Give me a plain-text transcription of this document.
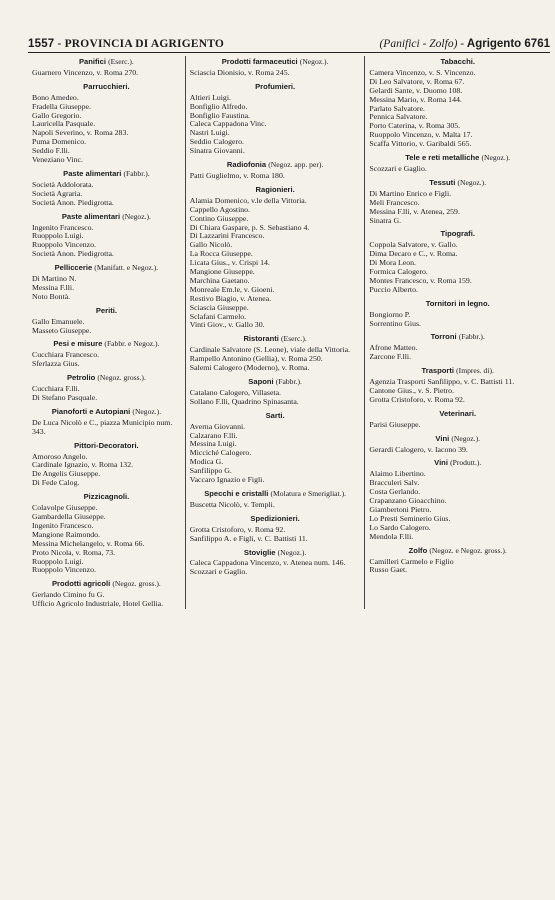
1557 - PROVINCIA DI AGRIGENTO	(Panifici - Zolfo) - Agrigento 6761
Panifici (Eserc.).
Guarnero Vincenzo, v. Roma 270.
Parrucchieri.
Bono Amedeo.
Fradella Giuseppe.
Gallo Gregorio.
Lauricella Pasquale.
Napoli Severino, v. Roma 283.
Puma Domenico.
Seddio F.lli.
Veneziano Vinc.
Paste alimentari (Fabbr.).
Società Addolorata.
Società Agraria.
Società Anon. Piedigrotta.
Paste alimentari (Negoz.).
Ingenito Francesco.
Ruoppolo Luigi.
Ruoppolo Vincenzo.
Società Anon. Piedigrotta.
Pelliccerie (Manifatt. e Negoz.).
Di Martino N.
Messina F.lli.
Noto Bontà.
Periti.
Gallo Emanuele.
Masseto Giuseppe.
Pesi e misure (Fabbr. e Negoz.).
Cucchiara Francesco.
Sferlazza Gius.
Petrolio (Negoz. gross.).
Cucchiara F.lli.
Di Stefano Pasquale.
Pianoforti e Autopiani (Negoz.).
De Luca Nicolò e C., piazza Municipio num. 343.
Pittori-Decoratori.
Amoroso Angelo.
Cardinale Ignazio, v. Roma 132.
De Angelis Giuseppe.
Di Fede Calog.
Pizzicagnoli.
Colavolpe Giuseppe.
Gambardella Giuseppe.
Ingenito Francesco.
Mangione Raimondo.
Messina Michelangelo, v. Roma 66.
Proto Nicola, v. Roma, 73.
Ruoppolo Luigi.
Ruoppolo Vincenzo.
Prodotti agricoli (Negoz. gross.).
Gerlando Cimino fu G.
Ufficio Agricolo Industriale, Hotel Gellia.
Prodotti farmaceutici (Negoz.).
Sciascia Dionisio, v. Roma 245.
Profumieri.
Altieri Luigi.
Bonfiglio Alfredo.
Bonfiglio Faustina.
Caleca Cappadona Vinc.
Nastri Luigi.
Seddio Calogero.
Sinatra Giovanni.
Radiofonia (Negoz. app. per).
Patti Guglielmo, v. Roma 180.
Ragionieri.
Alamia Domenico, v.le della Vittoria.
Cappello Agostino.
Contino Giuseppe.
Di Chiara Gaspare, p. S. Sebastiano 4.
Di Lazzarini Francesco.
Gallo Nicolò.
La Rocca Giuseppe.
Licata Gius., v. Crispi 14.
Mangione Giuseppe.
Marchina Gaetano.
Monreale Em.le, v. Gioeni.
Restivo Biagio, v. Atenea.
Sciascia Giuseppe.
Sclafani Carmelo.
Vinti Giov., v. Gallo 30.
Ristoranti (Eserc.).
Cardinale Salvatore (S. Leone), viale della Vittoria.
Rampello Antonino (Gellia), v. Roma 250.
Salemi Calogero (Moderno), v. Roma.
Saponi (Fabbr.).
Catalano Calogero, Villaseta.
Sollano F.lli, Quadrino Spinasanta.
Sarti.
Averna Giovanni.
Calzarano F.lli.
Messina Luigi.
Micciché Calogero.
Modica G.
Sanfilippo G.
Vaccaro Ignazio e Figli.
Specchi e cristalli (Molatura e Smerigliat.).
Buscetta Nicolò, v. Templi.
Spedizionieri.
Grotta Cristoforo, v. Roma 92.
Sanfilippo A. e Figli, v. C. Battisti 11.
Stoviglie (Negoz.).
Caleca Cappadona Vincenzo, v. Atenea num. 146.
Scozzari e Gaglio.
Tabacchi.
Camera Vincenzo, v. S. Vincenzo.
Di Leo Salvatore, v. Roma 67.
Gelardi Sante, v. Duomo 108.
Messina Mario, v. Roma 144.
Parlato Salvatore.
Pennica Salvatore.
Porto Caterina, v. Roma 305.
Ruoppolo Vincenzo, v. Malta 17.
Scaffa Vittorio, v. Garibaldi 565.
Tele e reti metalliche (Negoz.).
Scozzari e Gaglio.
Tessuti (Negoz.).
Di Martino Enrico e Figli.
Meli Francesco.
Messina F.lli, v. Atenea, 259.
Sinatra G.
Tipografi.
Coppola Salvatore, v. Gallo.
Dima Decaro e C., v. Roma.
Di Mora Leon.
Formica Calogero.
Montes Francesco, v. Roma 159.
Puccio Alberto.
Tornitori in legno.
Bongiorno P.
Sorrentino Gius.
Torroni (Fabbr.).
Afrone Matteo.
Zarcone F.lli.
Trasporti (Impres. di).
Agenzia Trasporti Sanfilippo, v. C. Battisti 11.
Cantone Gius., v. S. Pietro.
Grotta Cristoforo, v. Roma 92.
Veterinari.
Parisi Giuseppe.
Vini (Negoz.).
Gerardi Calogero, v. Iacono 39.
Vini (Produtt.).
Alaimo Libertino.
Bracculeri Salv.
Costa Gerlando.
Crapanzano Gioacchino.
Giambertoni Pietro.
Lo Presti Seminerio Gius.
Lo Sardo Calogero.
Mendola F.lli.
Zolfo (Negoz. e Negoz. gross.).
Camilleri Carmelo e Figlio
Russo Gaet.
